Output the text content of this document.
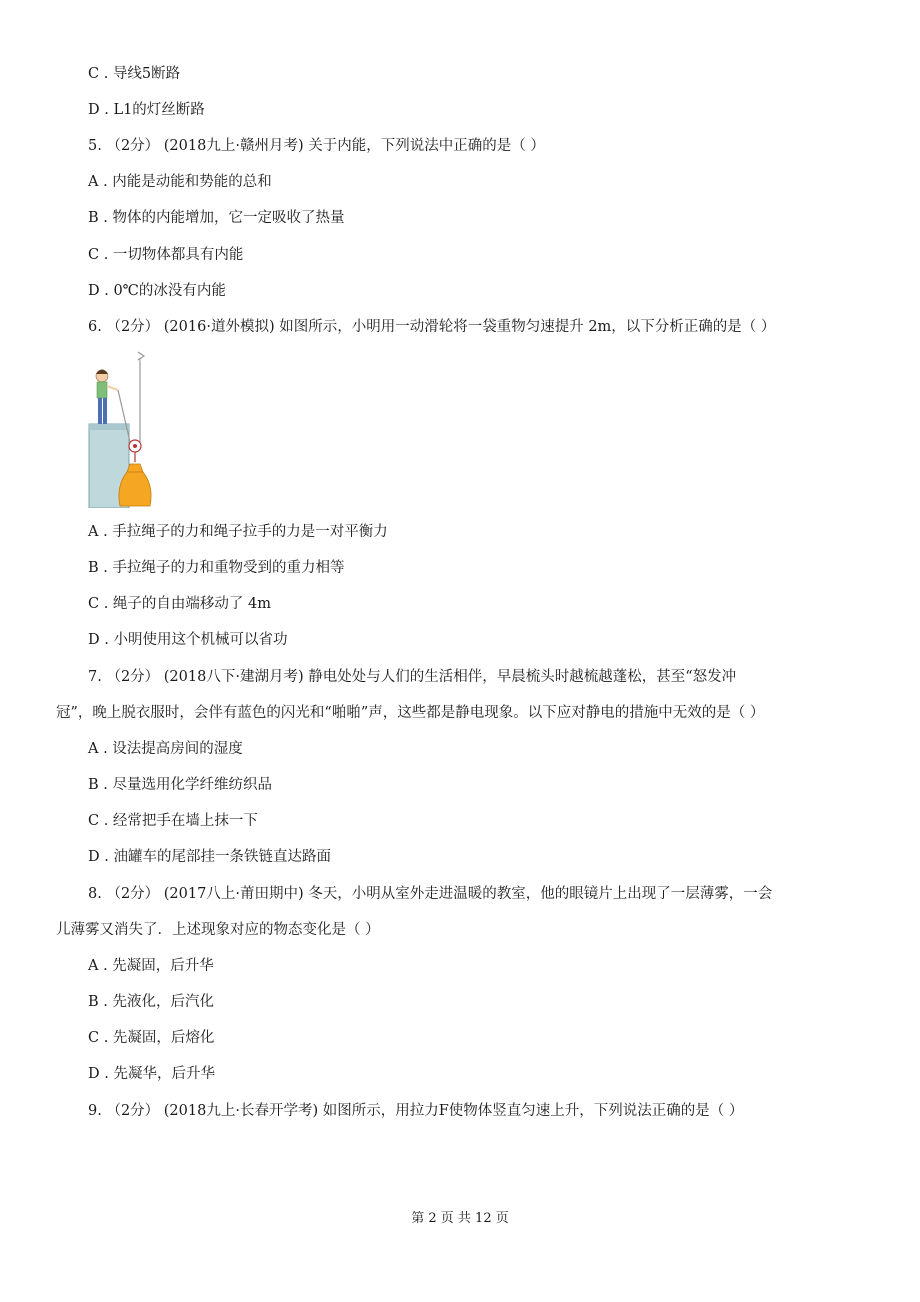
C . 导线5断路
D . L1的灯丝断路
5. （2分） (2018九上·赣州月考) 关于内能，下列说法中正确的是（ ）
A . 内能是动能和势能的总和
B . 物体的内能增加，它一定吸收了热量
C . 一切物体都具有内能
D . 0℃的冰没有内能
6. （2分） (2016·道外模拟) 如图所示，小明用一动滑轮将一袋重物匀速提升 2m，以下分析正确的是（ ）
A . 手拉绳子的力和绳子拉手的力是一对平衡力
B . 手拉绳子的力和重物受到的重力相等
C . 绳子的自由端移动了 4m
D . 小明使用这个机械可以省功
7. （2分） (2018八下·建湖月考) 静电处处与人们的生活相伴，早晨梳头时越梳越蓬松，甚至“怒发冲
冠”，晚上脱衣服时，会伴有蓝色的闪光和“啪啪”声，这些都是静电现象。以下应对静电的措施中无效的是（ ）
A . 设法提高房间的湿度
B . 尽量选用化学纤维纺织品
C . 经常把手在墙上抹一下
D . 油罐车的尾部挂一条铁链直达路面
8. （2分） (2017八上·莆田期中) 冬天，小明从室外走进温暖的教室，他的眼镜片上出现了一层薄雾，一会
儿薄雾又消失了．上述现象对应的物态变化是（ ）
A . 先凝固，后升华
B . 先液化，后汽化
C . 先凝固，后熔化
D . 先凝华，后升华
9. （2分） (2018九上·长春开学考) 如图所示，用拉力F使物体竖直匀速上升，下列说法正确的是（ ）
第 2 页 共 12 页
